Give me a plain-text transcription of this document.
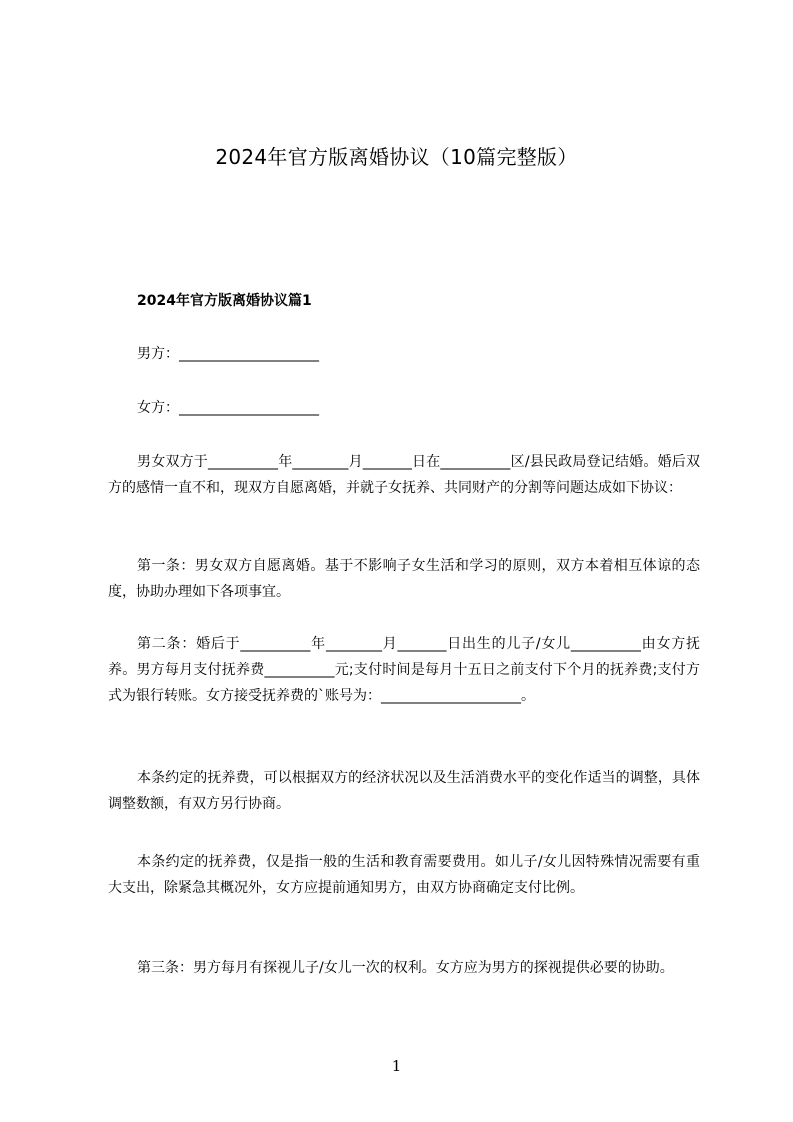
2024年官方版离婚协议（10篇完整版）
2024年官方版离婚协议篇1
男方：____________________
女方：____________________

男女双方于__________年________月_______日在__________区/县民政局登记结婚。婚后双方的感情一直不和，现双方自愿离婚，并就子女抚养、共同财产的分割等问题达成如下协议：

第一条：男女双方自愿离婚。基于不影响子女生活和学习的原则，双方本着相互体谅的态度，协助办理如下各项事宜。

第二条：婚后于__________年________月_______日出生的儿子/女儿__________由女方抚养。男方每月支付抚养费__________元;支付时间是每月十五日之前支付下个月的抚养费;支付方式为银行转账。女方接受抚养费的`账号为：____________________。

本条约定的抚养费，可以根据双方的经济状况以及生活消费水平的变化作适当的调整，具体调整数额，有双方另行协商。

本条约定的抚养费，仅是指一般的生活和教育需要费用。如儿子/女儿因特殊情况需要有重大支出，除紧急其概况外，女方应提前通知男方，由双方协商确定支付比例。

第三条：男方每月有探视儿子/女儿一次的权利。女方应为男方的探视提供必要的协助。

1
